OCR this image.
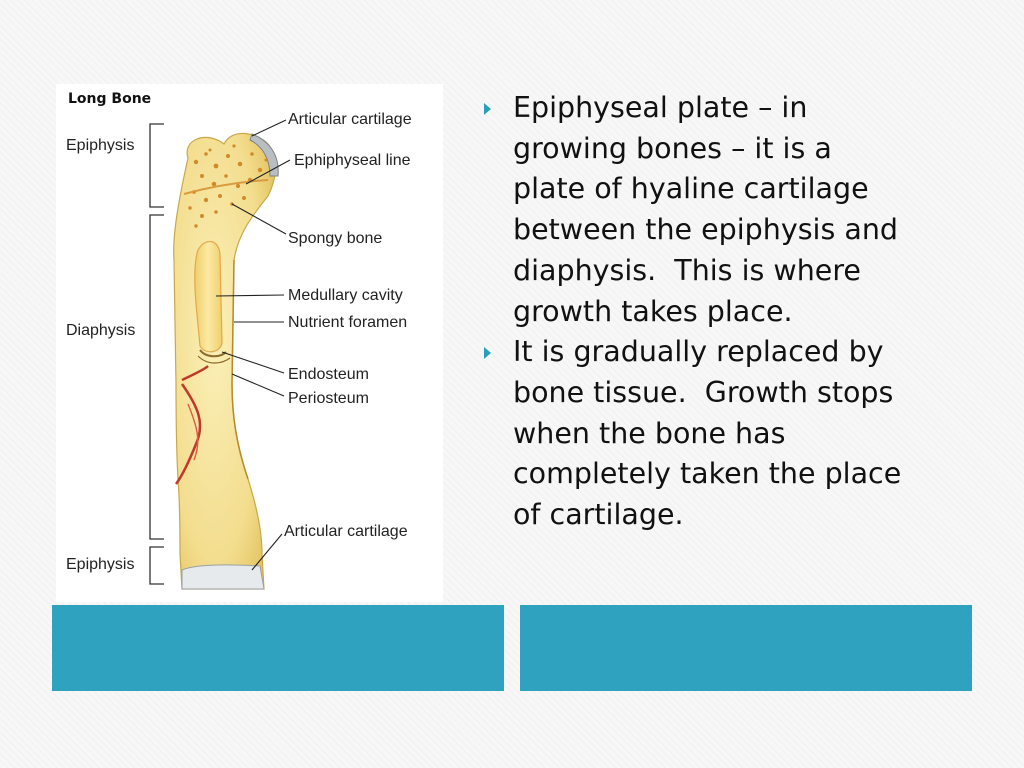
Long Bone
Epiphysis
Diaphysis
Epiphysis
Articular cartilage
Ephiphyseal line
Spongy bone
Medullary cavity
Nutrient foramen
Endosteum
Periosteum
Articular cartilage
Epiphyseal plate – in
growing bones – it is a
plate of hyaline cartilage
between the epiphysis and
diaphysis.  This is where
growth takes place.
It is gradually replaced by
bone tissue.  Growth stops
when the bone has
completely taken the place
of cartilage.
